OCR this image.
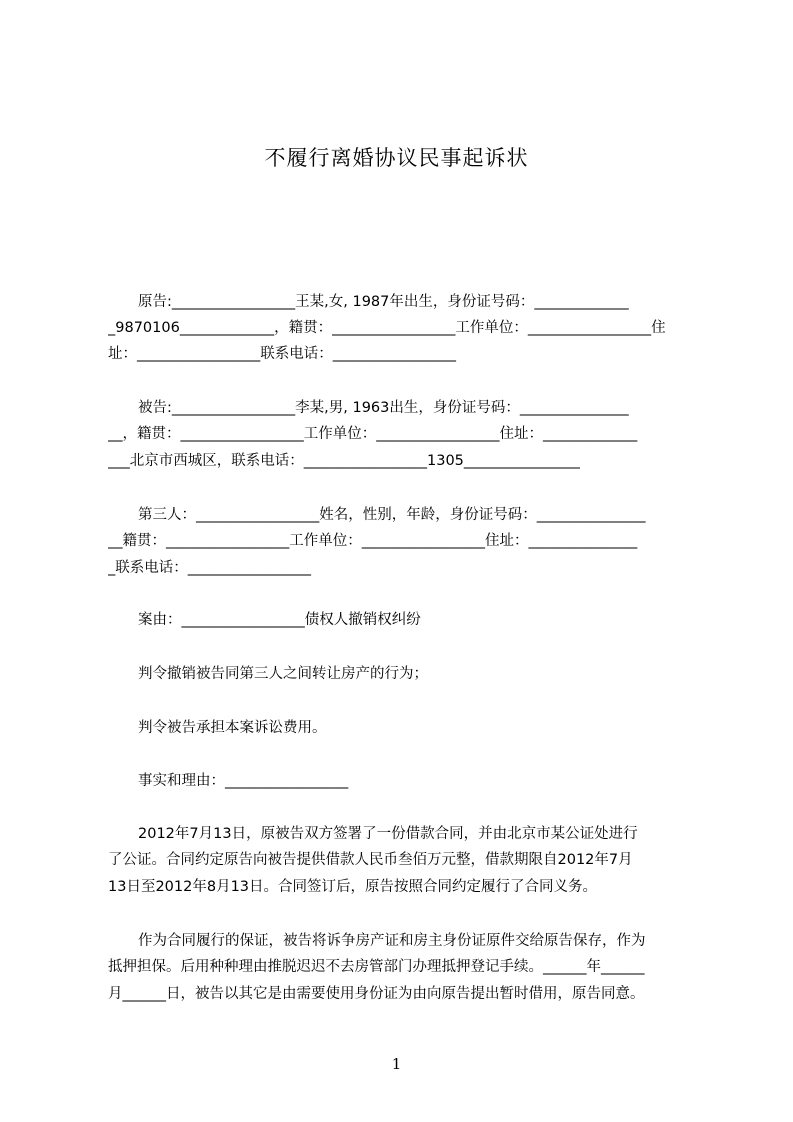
不履行离婚协议民事起诉状
原告:_________________王某,女, 1987年出生，身份证号码：_____________
_9870106_____________，籍贯：_________________工作单位：_________________住
址：_________________联系电话：_________________
被告:_________________李某,男, 1963出生，身份证号码：_______________
__，籍贯：_________________工作单位：_________________住址：_____________
___北京市西城区，联系电话：_________________1305________________
第三人：_________________姓名，性别，年龄，身份证号码：_______________
__籍贯：_________________工作单位：_________________住址：_______________
_联系电话：_________________
案由：_________________债权人撤销权纠纷
判令撤销被告同第三人之间转让房产的行为；
判令被告承担本案诉讼费用。
事实和理由：_________________
2012年7月13日，原被告双方签署了一份借款合同，并由北京市某公证处进行
了公证。合同约定原告向被告提供借款人民币叁佰万元整，借款期限自2012年7月
13日至2012年8月13日。合同签订后，原告按照合同约定履行了合同义务。
作为合同履行的保证，被告将诉争房产证和房主身份证原件交给原告保存，作为
抵押担保。后用种种理由推脱迟迟不去房管部门办理抵押登记手续。______年______
月______日，被告以其它是由需要使用身份证为由向原告提出暂时借用，原告同意。
1
